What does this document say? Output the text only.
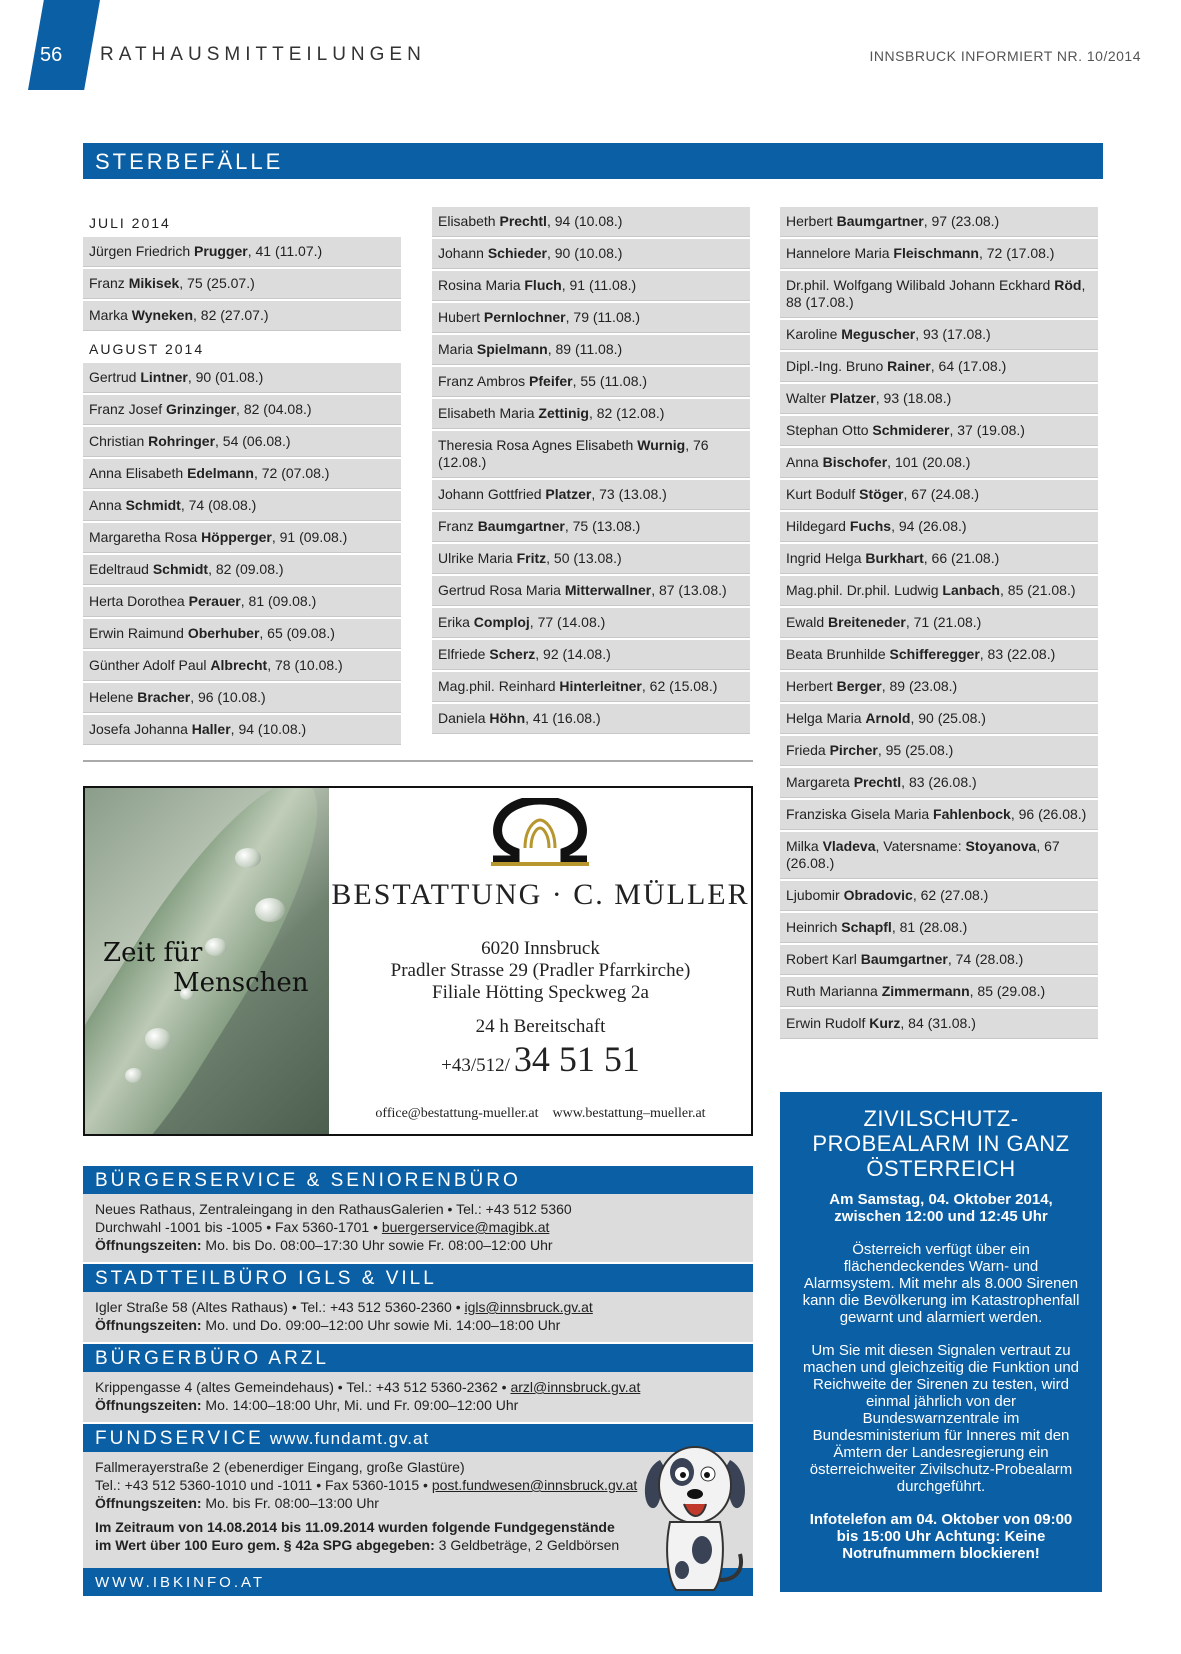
56 RATHAUSMITTEILUNGEN	INNSBRUCK INFORMIERT NR. 10/2014
STERBEFÄLLE
JULI 2014
Jürgen Friedrich Prugger, 41 (11.07.)
Franz Mikisek, 75 (25.07.)
Marka Wyneken, 82 (27.07.)
AUGUST 2014
Gertrud Lintner, 90 (01.08.)
Franz Josef Grinzinger, 82 (04.08.)
Christian Rohringer, 54 (06.08.)
Anna Elisabeth Edelmann, 72 (07.08.)
Anna Schmidt, 74 (08.08.)
Margaretha Rosa Höpperger, 91 (09.08.)
Edeltraud Schmidt, 82 (09.08.)
Herta Dorothea Perauer, 81 (09.08.)
Erwin Raimund Oberhuber, 65 (09.08.)
Günther Adolf Paul Albrecht, 78 (10.08.)
Helene Bracher, 96 (10.08.)
Josefa Johanna Haller, 94 (10.08.)
Elisabeth Prechtl, 94 (10.08.)
Johann Schieder, 90 (10.08.)
Rosina Maria Fluch, 91 (11.08.)
Hubert Pernlochner, 79 (11.08.)
Maria Spielmann, 89 (11.08.)
Franz Ambros Pfeifer, 55 (11.08.)
Elisabeth Maria Zettinig, 82 (12.08.)
Theresia Rosa Agnes Elisabeth Wurnig, 76 (12.08.)
Johann Gottfried Platzer, 73 (13.08.)
Franz Baumgartner, 75 (13.08.)
Ulrike Maria Fritz, 50 (13.08.)
Gertrud Rosa Maria Mitterwallner, 87 (13.08.)
Erika Comploj, 77 (14.08.)
Elfriede Scherz, 92 (14.08.)
Mag.phil. Reinhard Hinterleitner, 62 (15.08.)
Daniela Höhn, 41 (16.08.)
Herbert Baumgartner, 97 (23.08.)
Hannelore Maria Fleischmann, 72 (17.08.)
Dr.phil. Wolfgang Wilibald Johann Eckhard Röd, 88 (17.08.)
Karoline Meguscher, 93 (17.08.)
Dipl.-Ing. Bruno Rainer, 64 (17.08.)
Walter Platzer, 93 (18.08.)
Stephan Otto Schmiderer, 37 (19.08.)
Anna Bischofer, 101 (20.08.)
Kurt Bodulf Stöger, 67 (24.08.)
Hildegard Fuchs, 94 (26.08.)
Ingrid Helga Burkhart, 66 (21.08.)
Mag.phil. Dr.phil. Ludwig Lanbach, 85 (21.08.)
Ewald Breiteneder, 71 (21.08.)
Beata Brunhilde Schifferegger, 83 (22.08.)
Herbert Berger, 89 (23.08.)
Helga Maria Arnold, 90 (25.08.)
Frieda Pircher, 95 (25.08.)
Margareta Prechtl, 83 (26.08.)
Franziska Gisela Maria Fahlenbock, 96 (26.08.)
Milka Vladeva, Vatersname: Stoyanova, 67 (26.08.)
Ljubomir Obradovic, 62 (27.08.)
Heinrich Schapfl, 81 (28.08.)
Robert Karl Baumgartner, 74 (28.08.)
Ruth Marianna Zimmermann, 85 (29.08.)
Erwin Rudolf Kurz, 84 (31.08.)
Zeit für
Menschen
BESTATTUNG · C. MÜLLER
6020 Innsbruck
Pradler Strasse 29 (Pradler Pfarrkirche)
Filiale Hötting Speckweg 2a
24 h Bereitschaft
+43/512/ 34 51 51
office@bestattung-mueller.at www.bestattung–mueller.at
BÜRGERSERVICE & SENIORENBÜRO
Neues Rathaus, Zentraleingang in den RathausGalerien • Tel.: +43 512 5360
Durchwahl -1001 bis -1005 • Fax 5360-1701 • buergerservice@magibk.at
Öffnungszeiten: Mo. bis Do. 08:00–17:30 Uhr sowie Fr. 08:00–12:00 Uhr
STADTTEILBÜRO IGLS & VILL
Igler Straße 58 (Altes Rathaus) • Tel.: +43 512 5360-2360 • igls@innsbruck.gv.at
Öffnungszeiten: Mo. und Do. 09:00–12:00 Uhr sowie Mi. 14:00–18:00 Uhr
BÜRGERBÜRO ARZL
Krippengasse 4 (altes Gemeindehaus) • Tel.: +43 512 5360-2362 • arzl@innsbruck.gv.at
Öffnungszeiten: Mo. 14:00–18:00 Uhr, Mi. und Fr. 09:00–12:00 Uhr
FUNDSERVICE www.fundamt.gv.at
Fallmerayerstraße 2 (ebenerdiger Eingang, große Glastüre)
Tel.: +43 512 5360-1010 und -1011 • Fax 5360-1015 • post.fundwesen@innsbruck.gv.at
Öffnungszeiten: Mo. bis Fr. 08:00–13:00 Uhr
Im Zeitraum von 14.08.2014 bis 11.09.2014 wurden folgende Fundgegenstände
im Wert über 100 Euro gem. § 42a SPG abgegeben: 3 Geldbeträge, 2 Geldbörsen
WWW.IBKINFO.AT
ZIVILSCHUTZ-PROBEALARM IN GANZ ÖSTERREICH
Am Samstag, 04. Oktober 2014, zwischen 12:00 und 12:45 Uhr
Österreich verfügt über ein flächendeckendes Warn- und Alarmsystem. Mit mehr als 8.000 Sirenen kann die Bevölkerung im Katastrophenfall gewarnt und alarmiert werden.
Um Sie mit diesen Signalen vertraut zu machen und gleichzeitig die Funktion und Reichweite der Sirenen zu testen, wird einmal jährlich von der Bundeswarnzentrale im Bundesministerium für Inneres mit den Ämtern der Landesregierung ein österreichweiter Zivilschutz-Probealarm durchgeführt.
Infotelefon am 04. Oktober von 09:00 bis 15:00 Uhr Achtung: Keine Notrufnummern blockieren!
